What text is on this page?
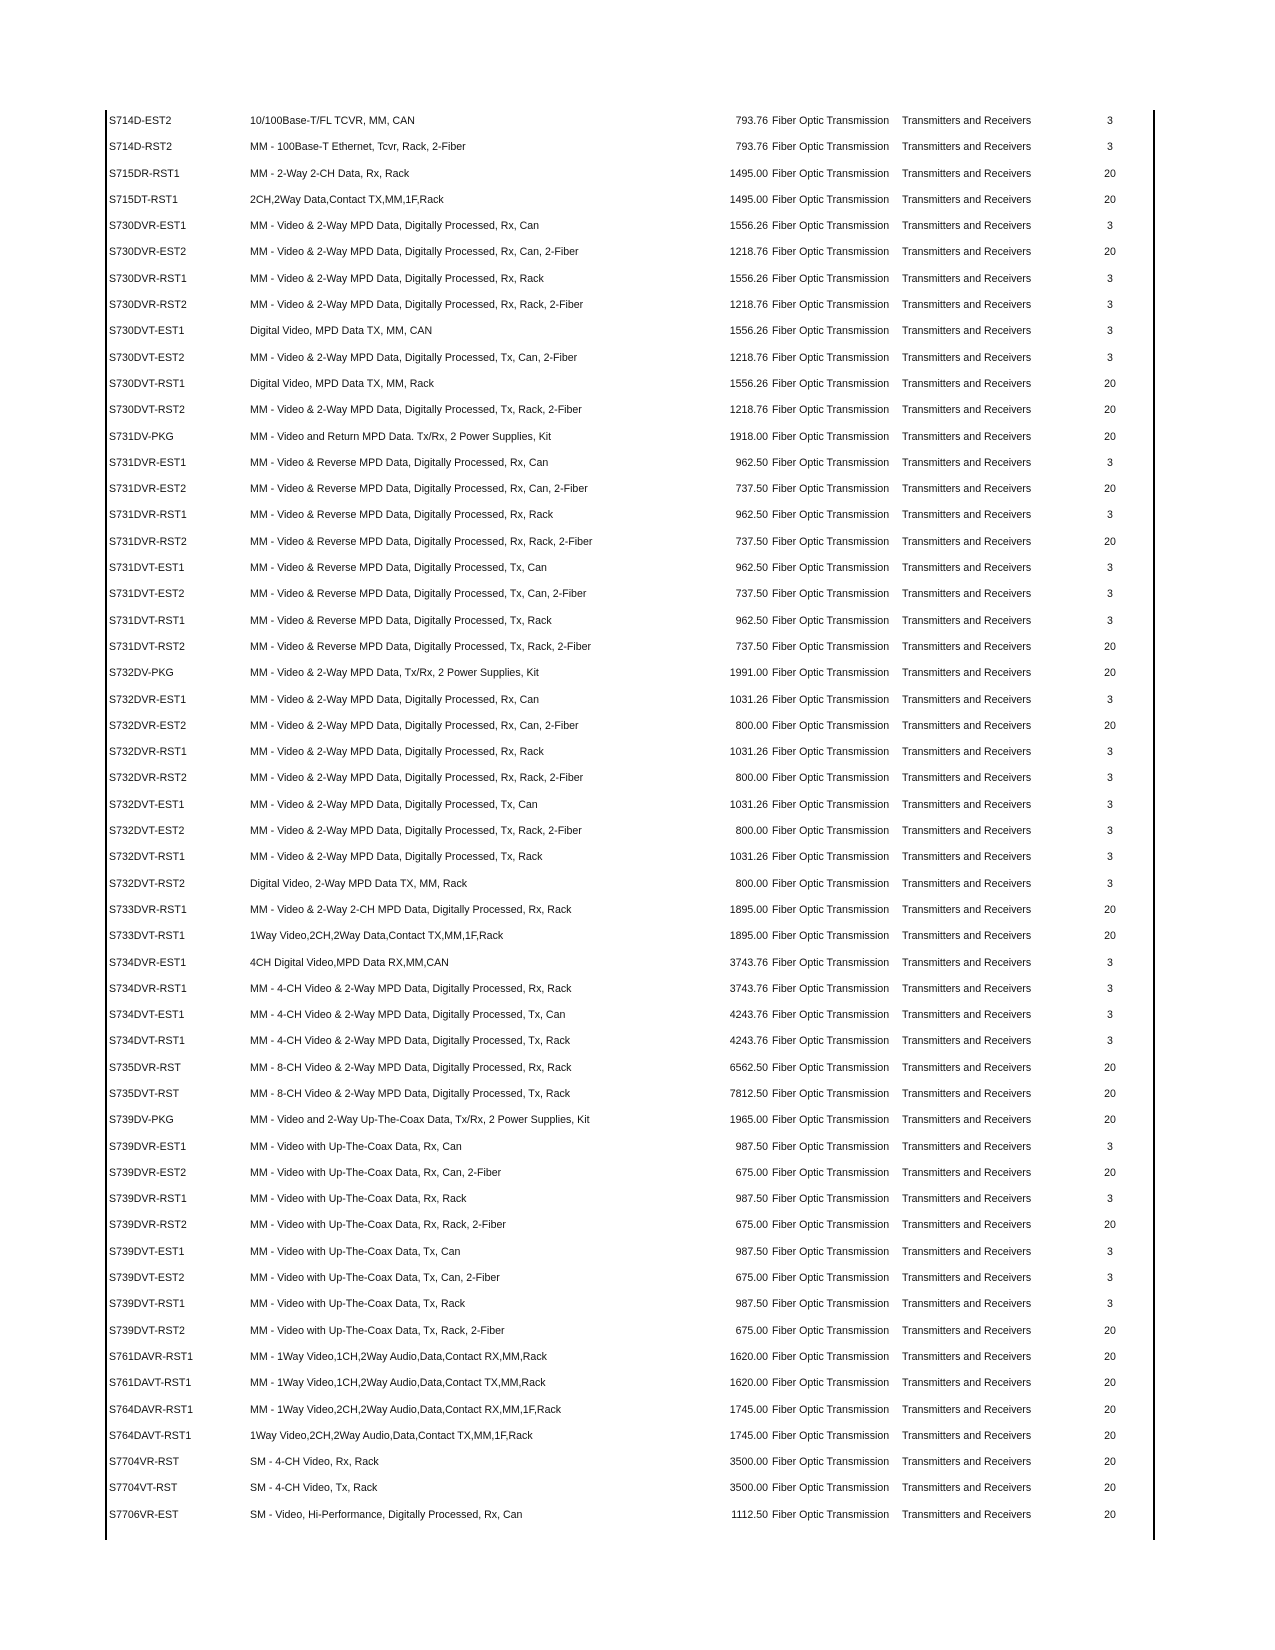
S714D-EST2	10/100Base-T/FL TCVR, MM, CAN	793.76 Fiber Optic Transmission Transmitters and Receivers	3
S714D-RST2	MM - 100Base-T Ethernet, Tcvr, Rack, 2-Fiber	793.76 Fiber Optic Transmission Transmitters and Receivers	3
S715DR-RST1	MM - 2-Way 2-CH Data, Rx, Rack	1495.00 Fiber Optic Transmission Transmitters and Receivers	20
S715DT-RST1	2CH,2Way Data,Contact TX,MM,1F,Rack	1495.00 Fiber Optic Transmission Transmitters and Receivers	20
S730DVR-EST1	MM - Video & 2-Way MPD Data, Digitally Processed, Rx, Can	1556.26 Fiber Optic Transmission Transmitters and Receivers	3
S730DVR-EST2	MM - Video & 2-Way MPD Data, Digitally Processed, Rx, Can, 2-Fiber	1218.76 Fiber Optic Transmission Transmitters and Receivers	20
S730DVR-RST1	MM - Video & 2-Way MPD Data, Digitally Processed, Rx, Rack	1556.26 Fiber Optic Transmission Transmitters and Receivers	3
S730DVR-RST2	MM - Video & 2-Way MPD Data, Digitally Processed, Rx, Rack, 2-Fiber	1218.76 Fiber Optic Transmission Transmitters and Receivers	3
S730DVT-EST1	Digital Video, MPD Data TX, MM, CAN	1556.26 Fiber Optic Transmission Transmitters and Receivers	3
S730DVT-EST2	MM - Video & 2-Way MPD Data, Digitally Processed, Tx, Can, 2-Fiber	1218.76 Fiber Optic Transmission Transmitters and Receivers	3
S730DVT-RST1	Digital Video, MPD Data TX, MM, Rack	1556.26 Fiber Optic Transmission Transmitters and Receivers	20
S730DVT-RST2	MM - Video & 2-Way MPD Data, Digitally Processed, Tx, Rack, 2-Fiber	1218.76 Fiber Optic Transmission Transmitters and Receivers	20
S731DV-PKG	MM - Video and Return MPD Data. Tx/Rx, 2 Power Supplies, Kit	1918.00 Fiber Optic Transmission Transmitters and Receivers	20
S731DVR-EST1	MM - Video & Reverse MPD Data, Digitally Processed, Rx, Can	962.50 Fiber Optic Transmission Transmitters and Receivers	3
S731DVR-EST2	MM - Video & Reverse MPD Data, Digitally Processed, Rx, Can, 2-Fiber	737.50 Fiber Optic Transmission Transmitters and Receivers	20
S731DVR-RST1	MM - Video & Reverse MPD Data, Digitally Processed, Rx, Rack	962.50 Fiber Optic Transmission Transmitters and Receivers	3
S731DVR-RST2	MM - Video & Reverse MPD Data, Digitally Processed, Rx, Rack, 2-Fiber	737.50 Fiber Optic Transmission Transmitters and Receivers	20
S731DVT-EST1	MM - Video & Reverse MPD Data, Digitally Processed, Tx, Can	962.50 Fiber Optic Transmission Transmitters and Receivers	3
S731DVT-EST2	MM - Video & Reverse MPD Data, Digitally Processed, Tx, Can, 2-Fiber	737.50 Fiber Optic Transmission Transmitters and Receivers	3
S731DVT-RST1	MM - Video & Reverse MPD Data, Digitally Processed, Tx, Rack	962.50 Fiber Optic Transmission Transmitters and Receivers	3
S731DVT-RST2	MM - Video & Reverse MPD Data, Digitally Processed, Tx, Rack, 2-Fiber	737.50 Fiber Optic Transmission Transmitters and Receivers	20
S732DV-PKG	MM - Video & 2-Way MPD Data, Tx/Rx, 2 Power Supplies, Kit	1991.00 Fiber Optic Transmission Transmitters and Receivers	20
S732DVR-EST1	MM - Video & 2-Way MPD Data, Digitally Processed, Rx, Can	1031.26 Fiber Optic Transmission Transmitters and Receivers	3
S732DVR-EST2	MM - Video & 2-Way MPD Data, Digitally Processed, Rx, Can, 2-Fiber	800.00 Fiber Optic Transmission Transmitters and Receivers	20
S732DVR-RST1	MM - Video & 2-Way MPD Data, Digitally Processed, Rx, Rack	1031.26 Fiber Optic Transmission Transmitters and Receivers	3
S732DVR-RST2	MM - Video & 2-Way MPD Data, Digitally Processed, Rx, Rack, 2-Fiber	800.00 Fiber Optic Transmission Transmitters and Receivers	3
S732DVT-EST1	MM - Video & 2-Way MPD Data, Digitally Processed, Tx, Can	1031.26 Fiber Optic Transmission Transmitters and Receivers	3
S732DVT-EST2	MM - Video & 2-Way MPD Data, Digitally Processed, Tx, Rack, 2-Fiber	800.00 Fiber Optic Transmission Transmitters and Receivers	3
S732DVT-RST1	MM - Video & 2-Way MPD Data, Digitally Processed, Tx, Rack	1031.26 Fiber Optic Transmission Transmitters and Receivers	3
S732DVT-RST2	Digital Video, 2-Way MPD Data TX, MM, Rack	800.00 Fiber Optic Transmission Transmitters and Receivers	3
S733DVR-RST1	MM - Video & 2-Way 2-CH MPD Data, Digitally Processed, Rx, Rack	1895.00 Fiber Optic Transmission Transmitters and Receivers	20
S733DVT-RST1	1Way Video,2CH,2Way Data,Contact TX,MM,1F,Rack	1895.00 Fiber Optic Transmission Transmitters and Receivers	20
S734DVR-EST1	4CH Digital Video,MPD Data RX,MM,CAN	3743.76 Fiber Optic Transmission Transmitters and Receivers	3
S734DVR-RST1	MM - 4-CH Video & 2-Way MPD Data, Digitally Processed, Rx, Rack	3743.76 Fiber Optic Transmission Transmitters and Receivers	3
S734DVT-EST1	MM - 4-CH Video & 2-Way MPD Data, Digitally Processed, Tx, Can	4243.76 Fiber Optic Transmission Transmitters and Receivers	3
S734DVT-RST1	MM - 4-CH Video & 2-Way MPD Data, Digitally Processed, Tx, Rack	4243.76 Fiber Optic Transmission Transmitters and Receivers	3
S735DVR-RST	MM - 8-CH Video & 2-Way MPD Data, Digitally Processed, Rx, Rack	6562.50 Fiber Optic Transmission Transmitters and Receivers	20
S735DVT-RST	MM - 8-CH Video & 2-Way MPD Data, Digitally Processed, Tx, Rack	7812.50 Fiber Optic Transmission Transmitters and Receivers	20
S739DV-PKG	MM - Video and 2-Way Up-The-Coax Data, Tx/Rx, 2 Power Supplies, Kit	1965.00 Fiber Optic Transmission Transmitters and Receivers	20
S739DVR-EST1	MM - Video with Up-The-Coax Data, Rx, Can	987.50 Fiber Optic Transmission Transmitters and Receivers	3
S739DVR-EST2	MM - Video with Up-The-Coax Data, Rx, Can, 2-Fiber	675.00 Fiber Optic Transmission Transmitters and Receivers	20
S739DVR-RST1	MM - Video with Up-The-Coax Data, Rx, Rack	987.50 Fiber Optic Transmission Transmitters and Receivers	3
S739DVR-RST2	MM - Video with Up-The-Coax Data, Rx, Rack, 2-Fiber	675.00 Fiber Optic Transmission Transmitters and Receivers	20
S739DVT-EST1	MM - Video with Up-The-Coax Data, Tx, Can	987.50 Fiber Optic Transmission Transmitters and Receivers	3
S739DVT-EST2	MM - Video with Up-The-Coax Data, Tx, Can, 2-Fiber	675.00 Fiber Optic Transmission Transmitters and Receivers	3
S739DVT-RST1	MM - Video with Up-The-Coax Data, Tx, Rack	987.50 Fiber Optic Transmission Transmitters and Receivers	3
S739DVT-RST2	MM - Video with Up-The-Coax Data, Tx, Rack, 2-Fiber	675.00 Fiber Optic Transmission Transmitters and Receivers	20
S761DAVR-RST1	MM - 1Way Video,1CH,2Way Audio,Data,Contact RX,MM,Rack	1620.00 Fiber Optic Transmission Transmitters and Receivers	20
S761DAVT-RST1	MM - 1Way Video,1CH,2Way Audio,Data,Contact TX,MM,Rack	1620.00 Fiber Optic Transmission Transmitters and Receivers	20
S764DAVR-RST1	MM - 1Way Video,2CH,2Way Audio,Data,Contact RX,MM,1F,Rack	1745.00 Fiber Optic Transmission Transmitters and Receivers	20
S764DAVT-RST1	1Way Video,2CH,2Way Audio,Data,Contact TX,MM,1F,Rack	1745.00 Fiber Optic Transmission Transmitters and Receivers	20
S7704VR-RST	SM - 4-CH Video, Rx, Rack	3500.00 Fiber Optic Transmission Transmitters and Receivers	20
S7704VT-RST	SM - 4-CH Video, Tx, Rack	3500.00 Fiber Optic Transmission Transmitters and Receivers	20
S7706VR-EST	SM - Video, Hi-Performance, Digitally Processed, Rx, Can	1112.50 Fiber Optic Transmission Transmitters and Receivers	20
